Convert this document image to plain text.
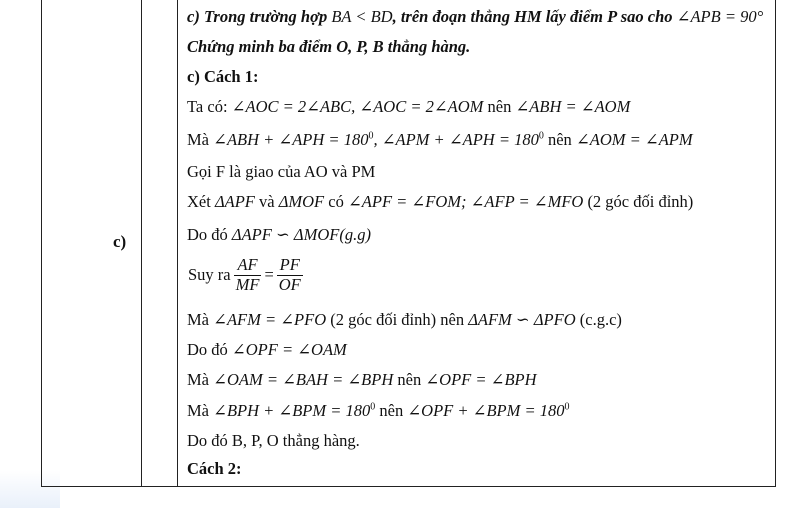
c)
c) Trong trường hợp BA < BD, trên đoạn thẳng HM lấy điểm P sao cho ∠APB = 90°
Chứng minh ba điểm O, P, B thẳng hàng.
c) Cách 1:
Ta có: ∠AOC = 2∠ABC, ∠AOC = 2∠AOM nên ∠ABH = ∠AOM
Mà ∠ABH + ∠APH = $180^0$, ∠APM + ∠APH = $180^0$ nên ∠AOM = ∠APM
Gọi F là giao của AO và PM
Xét ΔAPF và ΔMOF có ∠APF = ∠FOM; ∠AFP = ∠MFO (2 góc đối đỉnh)
Do đó ΔAPF ∽ ΔMOF(g.g)
Suy ra $\frac{AF}{MF} = \frac{PF}{OF}$
Mà ∠AFM = ∠PFO (2 góc đối đỉnh) nên ΔAFM ∽ ΔPFO (c.g.c)
Do đó ∠OPF = ∠OAM
Mà ∠OAM = ∠BAH = ∠BPH nên ∠OPF = ∠BPH
Mà ∠BPH + ∠BPM = $180^0$ nên ∠OPF + ∠BPM = $180^0$
Do đó B, P, O thẳng hàng.
Cách 2:
